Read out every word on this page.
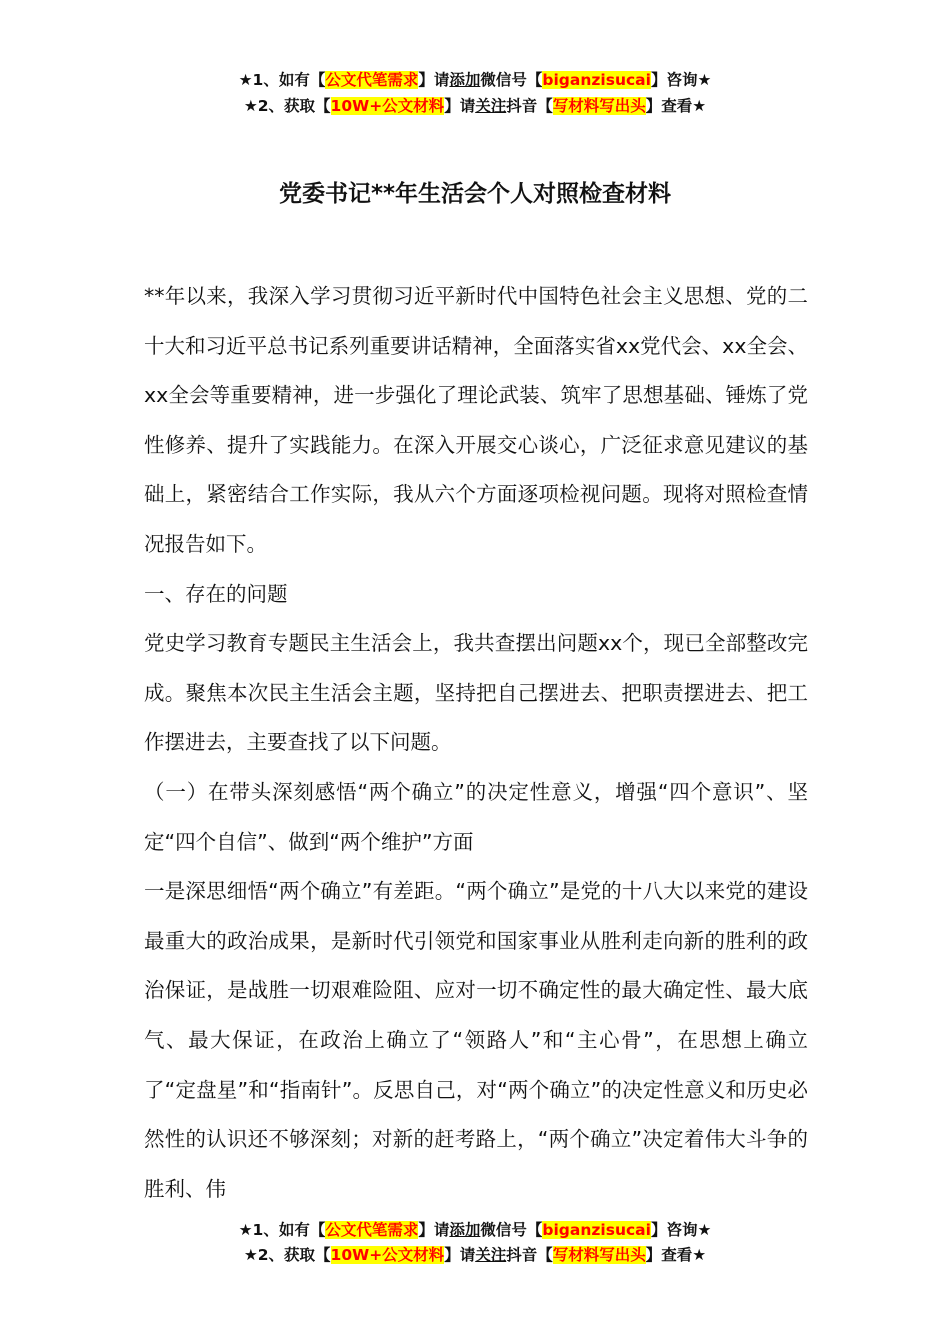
★1、如有【公文代笔需求】请添加微信号【biganzisucai】咨询★
★2、获取【10W+公文材料】请关注抖音【写材料写出头】查看★
党委书记**年生活会个人对照检查材料

**年以来，我深入学习贯彻习近平新时代中国特色社会主义思想、党的二十大和习近平总书记系列重要讲话精神，全面落实省xx党代会、xx全会、xx全会等重要精神，进一步强化了理论武装、筑牢了思想基础、锤炼了党性修养、提升了实践能力。在深入开展交心谈心，广泛征求意见建议的基础上，紧密结合工作实际，我从六个方面逐项检视问题。现将对照检查情况报告如下。

一、存在的问题

党史学习教育专题民主生活会上，我共查摆出问题xx个，现已全部整改完成。聚焦本次民主生活会主题，坚持把自己摆进去、把职责摆进去、把工作摆进去，主要查找了以下问题。

（一）在带头深刻感悟“两个确立”的决定性意义，增强“四个意识”、坚定“四个自信”、做到“两个维护”方面

一是深思细悟“两个确立”有差距。“两个确立”是党的十八大以来党的建设最重大的政治成果，是新时代引领党和国家事业从胜利走向新的胜利的政治保证，是战胜一切艰难险阻、应对一切不确定性的最大确定性、最大底气、最大保证，在政治上确立了“领路人”和“主心骨”，在思想上确立了“定盘星”和“指南针”。反思自己，对“两个确立”的决定性意义和历史必然性的认识还不够深刻；对新的赶考路上，“两个确立”决定着伟大斗争的胜利、伟

★1、如有【公文代笔需求】请添加微信号【biganzisucai】咨询★
★2、获取【10W+公文材料】请关注抖音【写材料写出头】查看★
